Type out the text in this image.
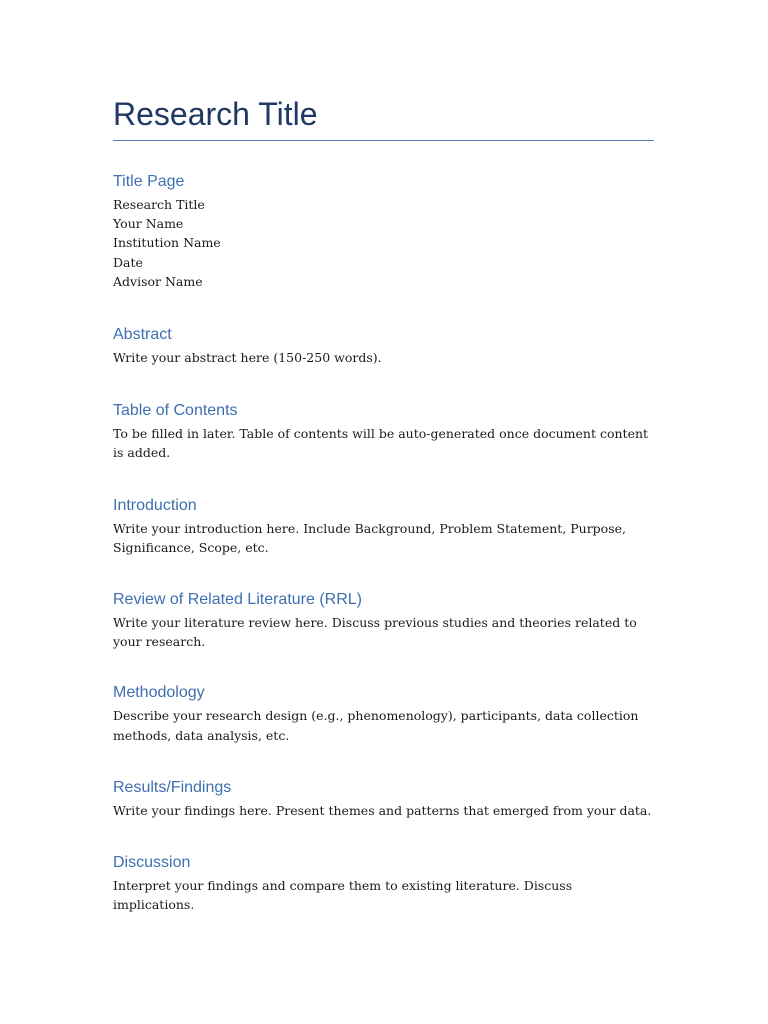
Research Title
Title Page
Research Title
Your Name
Institution Name
Date
Advisor Name
Abstract

Write your abstract here (150-250 words).

Table of Contents

To be filled in later. Table of contents will be auto-generated once document content is added.

Introduction

Write your introduction here. Include Background, Problem Statement, Purpose, Significance, Scope, etc.

Review of Related Literature (RRL)

Write your literature review here. Discuss previous studies and theories related to your research.

Methodology

Describe your research design (e.g., phenomenology), participants, data collection methods, data analysis, etc.

Results/Findings

Write your findings here. Present themes and patterns that emerged from your data.

Discussion

Interpret your findings and compare them to existing literature. Discuss implications.
